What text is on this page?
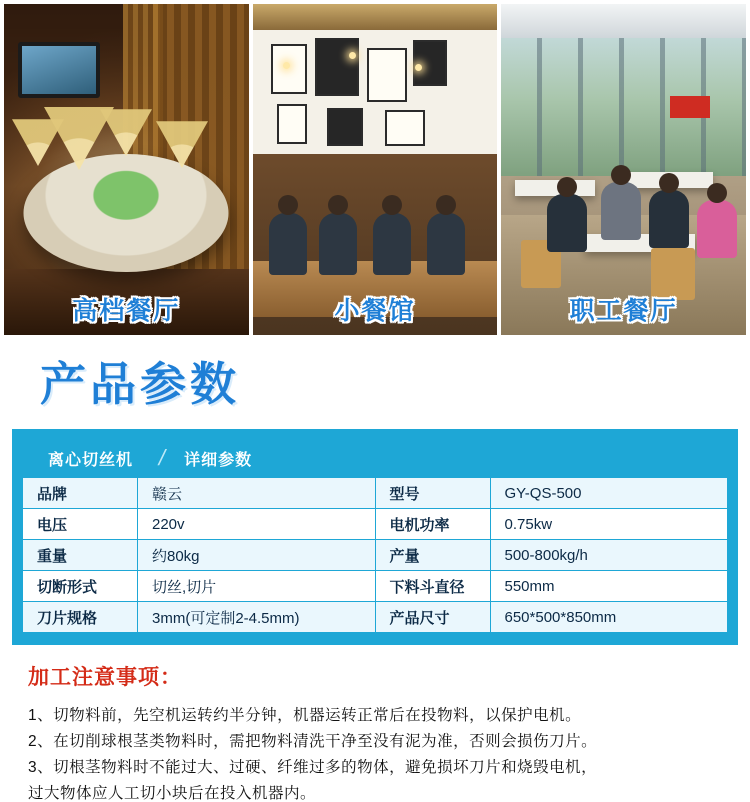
高档餐厅	小餐馆	职工餐厅
产品参数
离心切丝机 / 详细参数
品牌	赣云	型号	GY-QS-500
电压	220v	电机功率	0.75kw
重量	约80kg	产量	500-800kg/h
切断形式	切丝,切片	下料斗直径	550mm
刀片规格	3mm(可定制2-4.5mm)	产品尺寸	650*500*850mm
加工注意事项：
1、切物料前，先空机运转约半分钟，机器运转正常后在投物料，以保护电机。
2、在切削球根茎类物料时，需把物料清洗干净至没有泥为准，否则会损伤刀片。
3、切根茎物料时不能过大、过硬、纤维过多的物体，避免损坏刀片和烧毁电机，
过大物体应人工切小块后在投入机器内。
